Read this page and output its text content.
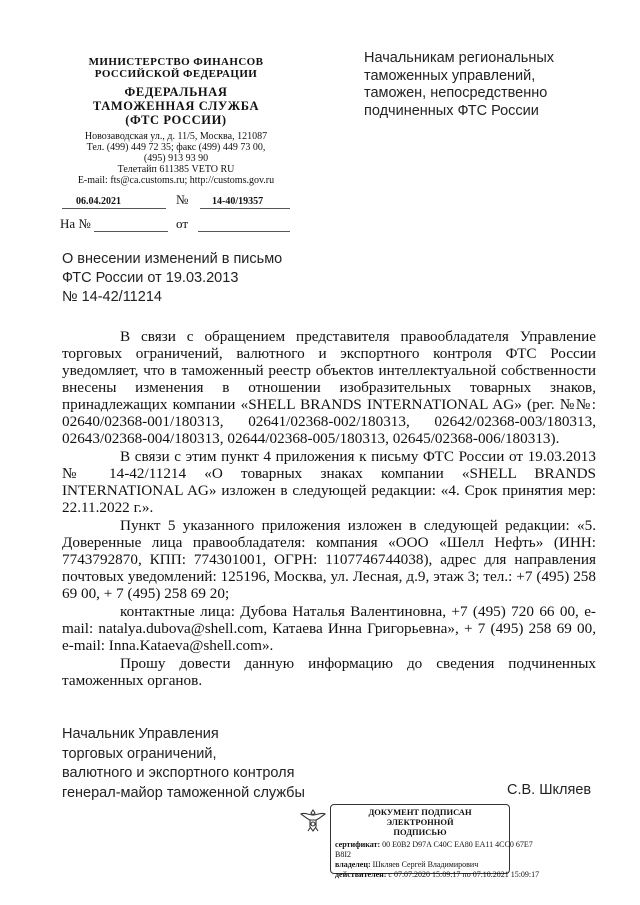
МИНИСТЕРСТВО ФИНАНСОВ
РОССИЙСКОЙ ФЕДЕРАЦИИ
ФЕДЕРАЛЬНАЯ
ТАМОЖЕННАЯ СЛУЖБА
(ФТС РОССИИ)
Новозаводская ул., д. 11/5, Москва, 121087
Тел. (499) 449 72 35; факс (499) 449 73 00,
(495) 913 93 90
Телетайп 611385 VETO RU
E-mail: fts@ca.customs.ru; http://customs.gov.ru
Начальникам региональных
таможенных управлений,
таможен, непосредственно
подчиненных ФТС России
06.04.2021	№ 14-40/19357
На №	от
О внесении изменений в письмо
ФТС России от 19.03.2013
№ 14-42/11214

В связи с обращением представителя правообладателя Управление торговых ограничений, валютного и экспортного контроля ФТС России уведомляет, что в таможенный реестр объектов интеллектуальной собственности внесены изменения в отношении изобразительных товарных знаков, принадлежащих компании «SHELL BRANDS INTERNATIONAL AG» (рег. №№: 02640/02368-001/180313, 02641/02368-002/180313, 02642/02368-003/180313, 02643/02368-004/180313, 02644/02368-005/180313, 02645/02368-006/180313).

В связи с этим пункт 4 приложения к письму ФТС России от 19.03.2013 № 14-42/11214 «О товарных знаках компании «SHELL BRANDS INTERNATIONAL AG» изложен в следующей редакции: «4. Срок принятия мер: 22.11.2022 г.».

Пункт 5 указанного приложения изложен в следующей редакции: «5. Доверенные лица правообладателя: компания «ООО «Шелл Нефть» (ИНН: 7743792870, КПП: 774301001, ОГРН: 1107746744038), адрес для направления почтовых уведомлений: 125196, Москва, ул. Лесная, д.9, этаж 3; тел.: +7 (495) 258 69 00, + 7 (495) 258 69 20;

контактные лица: Дубова Наталья Валентиновна, +7 (495) 720 66 00, e-mail: natalya.dubova@shell.com, Катаева Инна Григорьевна», + 7 (495) 258 69 00, e-mail: Inna.Kataeva@shell.com».

Прошу довести данную информацию до сведения подчиненных таможенных органов.

Начальник Управления
торговых ограничений,
валютного и экспортного контроля
генерал-майор таможенной службы	С.В. Шкляев
ДОКУМЕНТ ПОДПИСАН ЭЛЕКТРОННОЙ
ПОДПИСЬЮ
сертификат: 00 E0B2 D97A C40C EA80 EA11 4CC0 67E7
B8I2
владелец: Шкляев Сергей Владимирович
действителен: с 07.07.2020 15:09:17 по 07.10.2021 15:09:17
